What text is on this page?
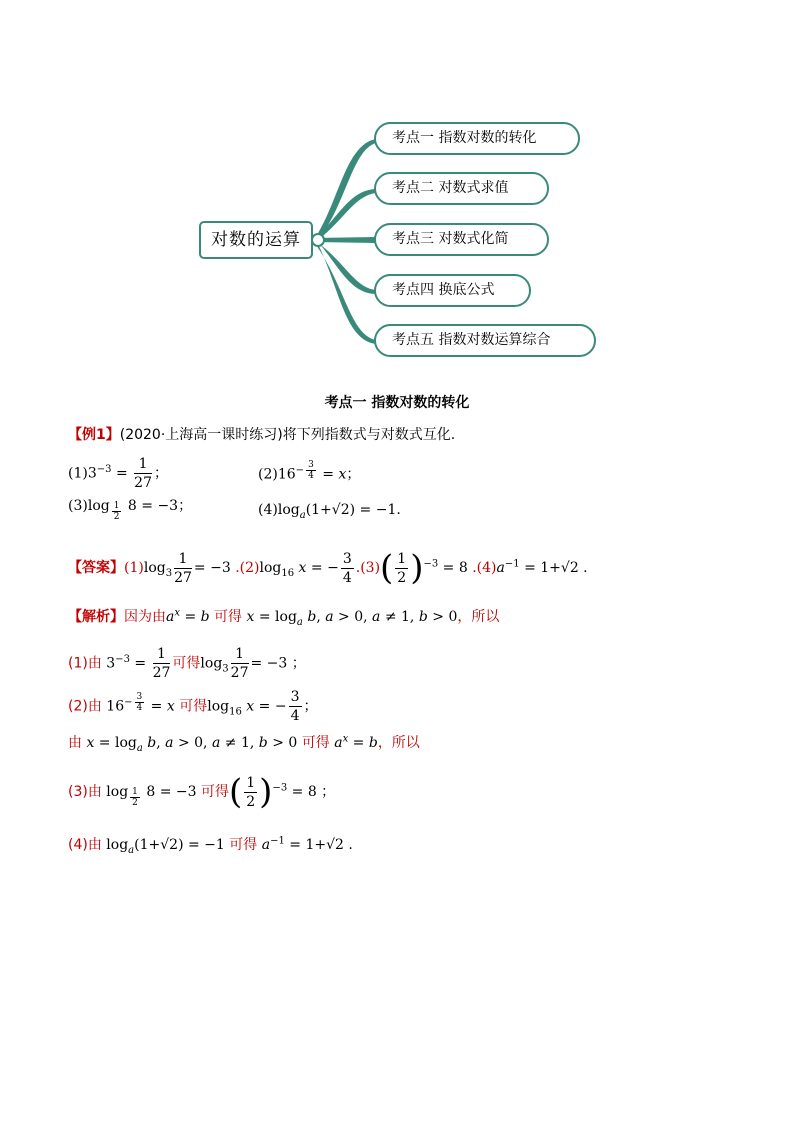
对数的运算
考点一 指数对数的转化
考点二 对数式求值
考点三 对数式化简
考点四 换底公式
考点五 指数对数运算综合
考点一 指数对数的转化
【例1】(2020·上海高一课时练习)将下列指数式与对数式互化.
$(1)3^{-3} = \frac{1}{27}$ ；	$(2)16^{- \frac{3}{4}} = x$；
(3)log $_{\frac{1}{2}}$ 8 = −3；	$(4)\log_a(1+√2) = -1$.
【答案】$(1)\log_3 \frac{1}{27} = -3$ $.(2)\log_{16}$ x = − $\frac{3}{4} .(3)( \frac{1}{2} )^{-3} = 8$ $.(4)a^{-1} = 1+√2$ .
【解析】因为由$a^x = b$ 可得 $x = \log_a b$, a > 0, a ≠ 1, b > 0，所以
(1)由 $3^{-3} = \frac{1}{27}$ 可得$\log_3 \frac{1}{27} = -3$ ；
(2)由 $16^{- \frac{3}{4}} = x$ 可得$\log_{16} x$ = − $\frac{3}{4}$ ；
由 $x = \log_a b$, a > 0, a ≠ 1, b > 0 可得 $a^x = b$，所以
(3)由 log $_{\frac{1}{2}}$ 8 = −3 可得( $\frac{1}{2} )^{-3} = 8$ ；
(4)由 $\log_a(1+√2) = -1$ 可得 $a^{-1} = 1+√2$ .
